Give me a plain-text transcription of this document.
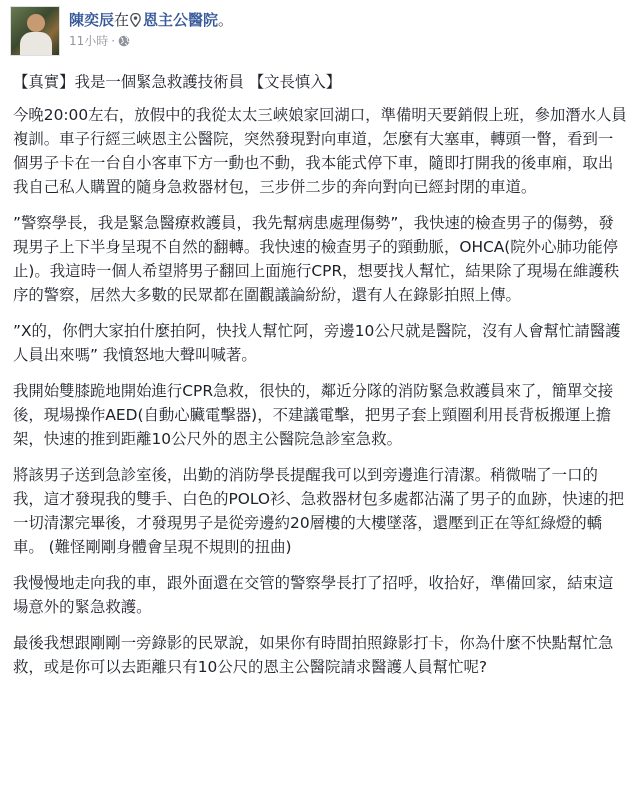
陳奕辰在 恩主公醫院。
11小時 ·

【真實】我是一個緊急救護技術員 【文長慎入】

今晚20:00左右，放假中的我從太太三峽娘家回湖口，準備明天要銷假上班，參加潛水人員複訓。車子行經三峽恩主公醫院，突然發現對向車道，怎麼有大塞車，轉頭一瞥，看到一個男子卡在一台自小客車下方一動也不動，我本能式停下車，隨即打開我的後車廂，取出我自己私人購置的隨身急救器材包，三步併二步的奔向對向已經封閉的車道。

”警察學長，我是緊急醫療救護員，我先幫病患處理傷勢”，我快速的檢查男子的傷勢，發現男子上下半身呈現不自然的翻轉。我快速的檢查男子的頸動脈，OHCA(院外心肺功能停止)。我這時一個人希望將男子翻回上面施行CPR，想要找人幫忙，結果除了現場在維護秩序的警察，居然大多數的民眾都在圍觀議論紛紛，還有人在錄影拍照上傳。

”X的，你們大家拍什麼拍阿，快找人幫忙阿，旁邊10公尺就是醫院，沒有人會幫忙請醫護人員出來嗎” 我憤怒地大聲叫喊著。

我開始雙膝跪地開始進行CPR急救，很快的，鄰近分隊的消防緊急救護員來了，簡單交接後，現場操作AED(自動心臟電擊器)，不建議電擊，把男子套上頸圈利用長背板搬運上擔架，快速的推到距離10公尺外的恩主公醫院急診室急救。

將該男子送到急診室後，出勤的消防學長提醒我可以到旁邊進行清潔。稍微喘了一口的我，這才發現我的雙手、白色的POLO衫、急救器材包多處都沾滿了男子的血跡，快速的把一切清潔完畢後，才發現男子是從旁邊約20層樓的大樓墜落，還壓到正在等紅綠燈的轎車。 (難怪剛剛身體會呈現不規則的扭曲)

我慢慢地走向我的車，跟外面還在交管的警察學長打了招呼，收拾好，準備回家，結束這場意外的緊急救護。

最後我想跟剛剛一旁錄影的民眾說，如果你有時間拍照錄影打卡，你為什麼不快點幫忙急救，或是你可以去距離只有10公尺的恩主公醫院請求醫護人員幫忙呢?
